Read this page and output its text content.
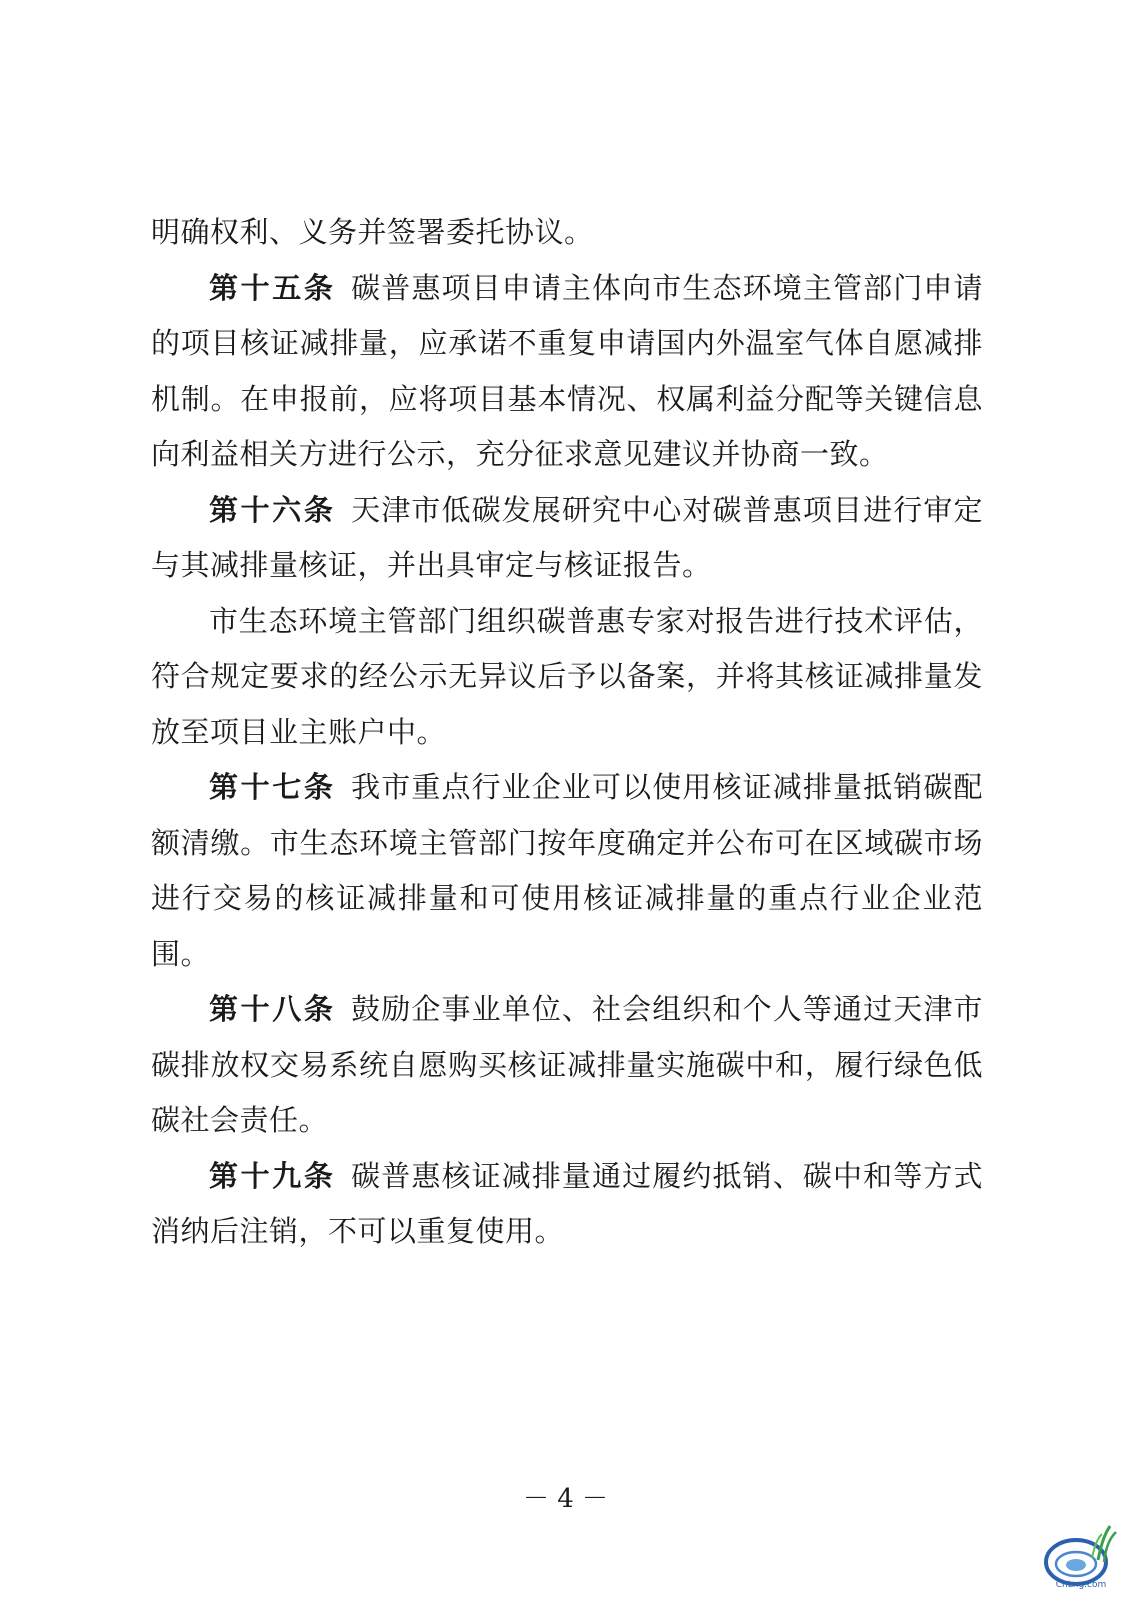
明确权利、义务并签署委托协议。

第十五条  碳普惠项目申请主体向市生态环境主管部门申请的项目核证减排量，应承诺不重复申请国内外温室气体自愿减排机制。在申报前，应将项目基本情况、权属利益分配等关键信息向利益相关方进行公示，充分征求意见建议并协商一致。

第十六条  天津市低碳发展研究中心对碳普惠项目进行审定与其减排量核证，并出具审定与核证报告。

市生态环境主管部门组织碳普惠专家对报告进行技术评估，符合规定要求的经公示无异议后予以备案，并将其核证减排量发放至项目业主账户中。

第十七条  我市重点行业企业可以使用核证减排量抵销碳配额清缴。市生态环境主管部门按年度确定并公布可在区域碳市场进行交易的核证减排量和可使用核证减排量的重点行业企业范围。

第十八条  鼓励企事业单位、社会组织和个人等通过天津市碳排放权交易系统自愿购买核证减排量实施碳中和，履行绿色低碳社会责任。

第十九条  碳普惠核证减排量通过履约抵销、碳中和等方式消纳后注销，不可以重复使用。

－ 4 －
CnLng.com
